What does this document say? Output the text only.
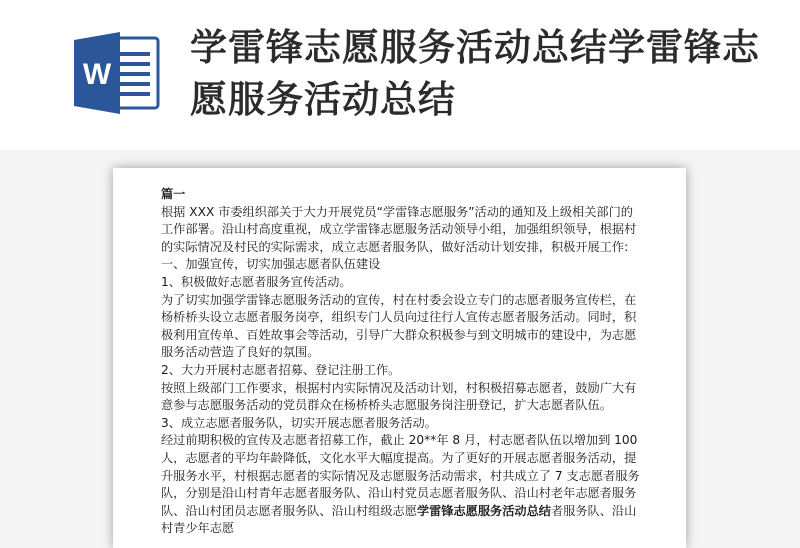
W
学雷锋志愿服务活动总结学雷锋志愿服务活动总结

篇一

根据 XXX 市委组织部关于大力开展党员“学雷锋志愿服务”活动的通知及上级相关部门的工作部署。沿山村高度重视，成立学雷锋志愿服务活动领导小组，加强组织领导，根据村的实际情况及村民的实际需求，成立志愿者服务队，做好活动计划安排，积极开展工作:

一、加强宣传，切实加强志愿者队伍建设

1、积极做好志愿者服务宣传活动。

为了切实加强学雷锋志愿服务活动的宣传，村在村委会设立专门的志愿者服务宣传栏，在杨桥桥头设立志愿者服务岗亭，组织专门人员向过往行人宣传志愿者服务活动。同时，积极利用宣传单、百姓故事会等活动，引导广大群众积极参与到文明城市的建设中，为志愿服务活动营造了良好的氛围。

2、大力开展村志愿者招募、登记注册工作。

按照上级部门工作要求，根据村内实际情况及活动计划，村积极招募志愿者，鼓励广大有意参与志愿服务活动的党员群众在杨桥桥头志愿服务岗注册登记，扩大志愿者队伍。

3、成立志愿者服务队，切实开展志愿者服务活动。

经过前期积极的宣传及志愿者招募工作，截止 20**年 8 月，村志愿者队伍以增加到 100 人，志愿者的平均年龄降低，文化水平大幅度提高。为了更好的开展志愿者服务活动，提升服务水平，村根据志愿者的实际情况及志愿服务活动需求，村共成立了 7 支志愿者服务队，分别是沿山村青年志愿者服务队、沿山村党员志愿者服务队、沿山村老年志愿者服务队、沿山村团员志愿者服务队、沿山村组级志愿学雷锋志愿服务活动总结者服务队、沿山村青少年志愿
